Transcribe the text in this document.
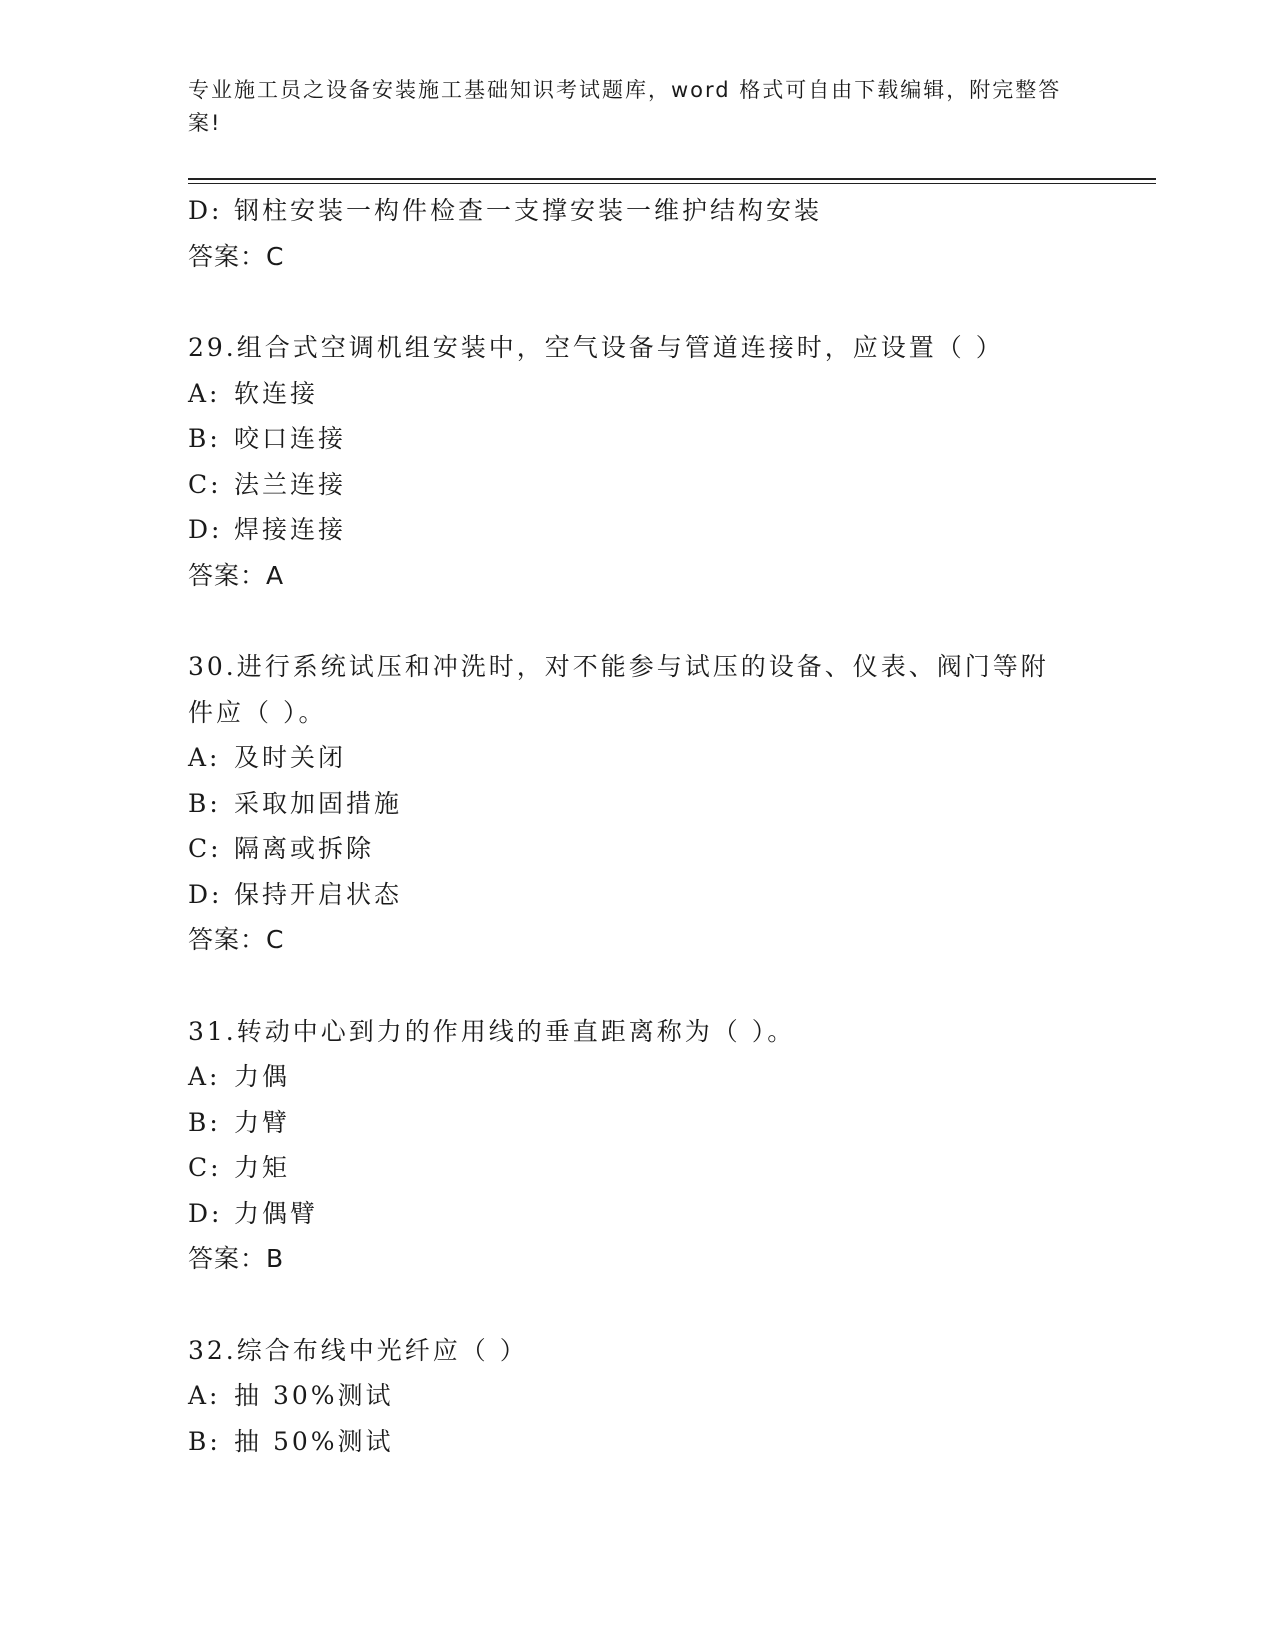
专业施工员之设备安装施工基础知识考试题库，word 格式可自由下载编辑，附完整答案!
D: 钢柱安装一构件检查一支撑安装一维护结构安装
答案：C
29.组合式空调机组安装中，空气设备与管道连接时，应设置（ ）
A: 软连接
B: 咬口连接
C: 法兰连接
D: 焊接连接
答案：A
30.进行系统试压和冲洗时，对不能参与试压的设备、仪表、阀门等附件应（ ）。
A: 及时关闭
B: 采取加固措施
C: 隔离或拆除
D: 保持开启状态
答案：C
31.转动中心到力的作用线的垂直距离称为（ ）。
A: 力偶
B: 力臂
C: 力矩
D: 力偶臂
答案：B
32.综合布线中光纤应（ ）
A: 抽 30%测试
B: 抽 50%测试
